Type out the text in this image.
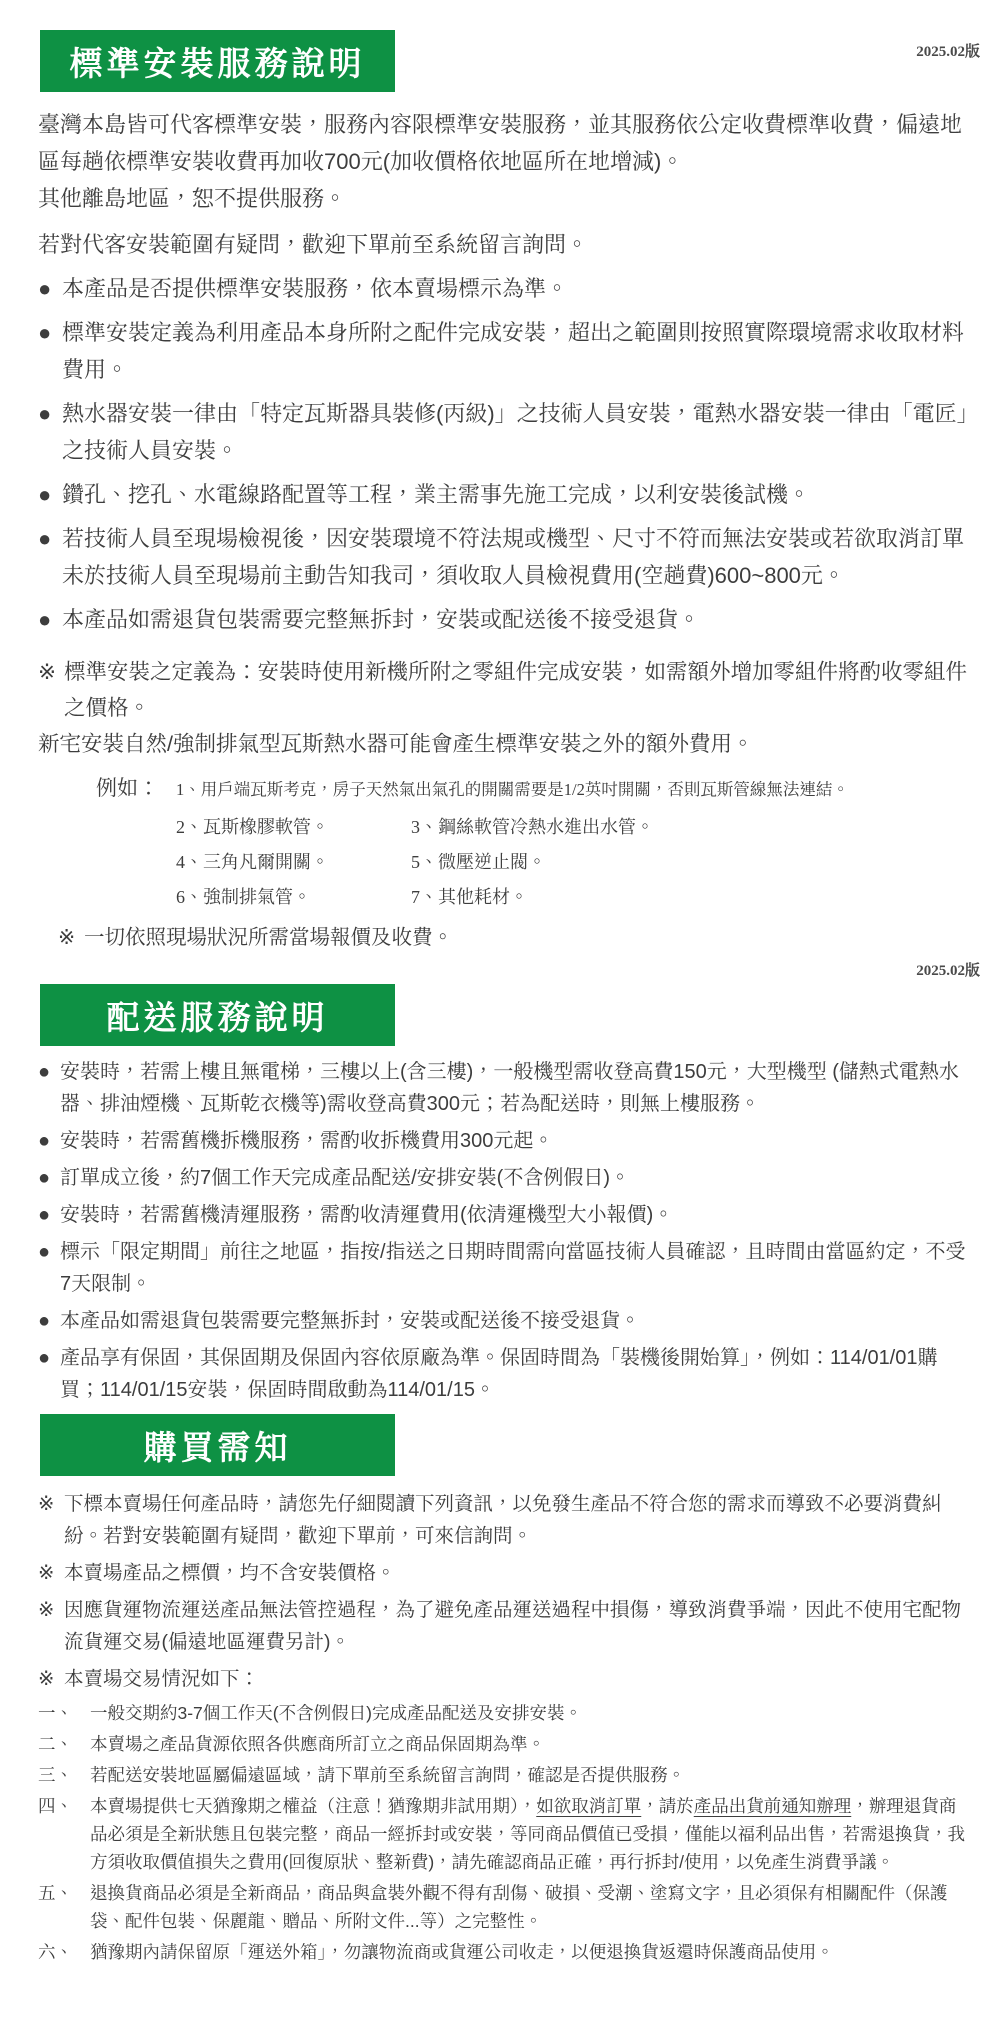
2025.02版
標準安裝服務說明

臺灣本島皆可代客標準安裝，服務內容限標準安裝服務，並其服務依公定收費標準收費，偏遠地區每趟依標準安裝收費再加收700元(加收價格依地區所在地增減)。

其他離島地區，恕不提供服務。

若對代客安裝範圍有疑問，歡迎下單前至系統留言詢問。

● 本產品是否提供標準安裝服務，依本賣場標示為準。
● 標準安裝定義為利用產品本身所附之配件完成安裝，超出之範圍則按照實際環境需求收取材料費用。
● 熱水器安裝一律由「特定瓦斯器具裝修(丙級)」之技術人員安裝，電熱水器安裝一律由「電匠」之技術人員安裝。
● 鑽孔、挖孔、水電線路配置等工程，業主需事先施工完成，以利安裝後試機。
● 若技術人員至現場檢視後，因安裝環境不符法規或機型、尺寸不符而無法安裝或若欲取消訂單未於技術人員至現場前主動告知我司，須收取人員檢視費用(空趟費)600~800元。
● 本產品如需退貨包裝需要完整無拆封，安裝或配送後不接受退貨。
※ 標準安裝之定義為：安裝時使用新機所附之零組件完成安裝，如需額外增加零組件將酌收零組件之價格。

新宅安裝自然/強制排氣型瓦斯熱水器可能會產生標準安裝之外的額外費用。

例如：	1、用戶端瓦斯考克，房子天然氣出氣孔的開關需要是1/2英吋開關，否則瓦斯管線無法連結。
2、瓦斯橡膠軟管。	3、鋼絲軟管冷熱水進出水管。
4、三角凡爾開關。	5、微壓逆止閥。
6、強制排氣管。	7、其他耗材。
※ 一切依照現場狀況所需當場報價及收費。
2025.02版
配送服務說明
● 安裝時，若需上樓且無電梯，三樓以上(含三樓)，一般機型需收登高費150元，大型機型 (儲熱式電熱水器、排油煙機、瓦斯乾衣機等)需收登高費300元；若為配送時，則無上樓服務。
● 安裝時，若需舊機拆機服務，需酌收拆機費用300元起。
● 訂單成立後，約7個工作天完成產品配送/安排安裝(不含例假日)。
● 安裝時，若需舊機清運服務，需酌收清運費用(依清運機型大小報價)。
● 標示「限定期間」前往之地區，指按/指送之日期時間需向當區技術人員確認，且時間由當區約定，不受7天限制。
● 本產品如需退貨包裝需要完整無拆封，安裝或配送後不接受退貨。
● 產品享有保固，其保固期及保固內容依原廠為準。保固時間為「裝機後開始算」，例如：114/01/01購買；114/01/15安裝，保固時間啟動為114/01/15。
購買需知
※ 下標本賣場任何產品時，請您先仔細閱讀下列資訊，以免發生產品不符合您的需求而導致不必要消費糾紛。若對安裝範圍有疑問，歡迎下單前，可來信詢問。
※ 本賣場產品之標價，均不含安裝價格。
※ 因應貨運物流運送產品無法管控過程，為了避免產品運送過程中損傷，導致消費爭端，因此不使用宅配物流貨運交易(偏遠地區運費另計)。
※ 本賣場交易情況如下：
一、 一般交期約3-7個工作天(不含例假日)完成產品配送及安排安裝。
二、 本賣場之產品貨源依照各供應商所訂立之商品保固期為準。
三、 若配送安裝地區屬偏遠區域，請下單前至系統留言詢問，確認是否提供服務。
四、 本賣場提供七天猶豫期之權益（注意！猶豫期非試用期），如欲取消訂單，請於產品出貨前通知辦理，辦理退貨商品必須是全新狀態且包裝完整，商品一經拆封或安裝，等同商品價值已受損，僅能以福利品出售，若需退換貨，我方須收取價值損失之費用(回復原狀、整新費)，請先確認商品正確，再行拆封/使用，以免產生消費爭議。
五、 退換貨商品必須是全新商品，商品與盒裝外觀不得有刮傷、破損、受潮、塗寫文字，且必須保有相關配件（保護袋、配件包裝、保麗龍、贈品、所附文件...等）之完整性。
六、 猶豫期內請保留原「運送外箱」，勿讓物流商或貨運公司收走，以便退換貨返還時保護商品使用。
